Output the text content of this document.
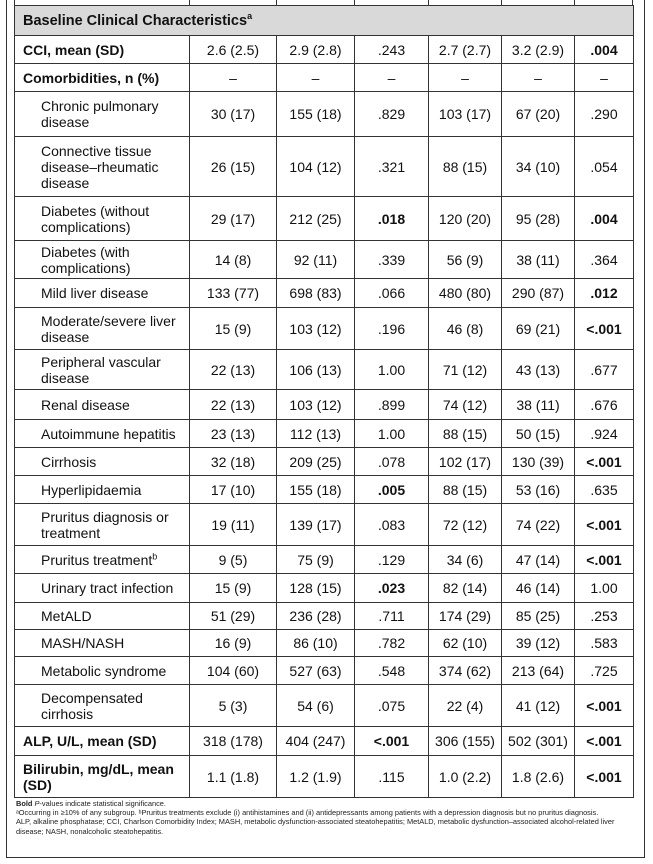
Baseline Clinical Characteristics$^a$
CCI, mean (SD)	2.6 (2.5)	2.9 (2.8)	.243	2.7 (2.7)	3.2 (2.9)	.004
Comorbidities, n (%)	–	–	–	–	–	–
Chronic pulmonary disease	30 (17)	155 (18)	.829	103 (17)	67 (20)	.290
Connective tissue disease–rheumatic disease	26 (15)	104 (12)	.321	88 (15)	34 (10)	.054
Diabetes (without complications)	29 (17)	212 (25)	.018	120 (20)	95 (28)	.004
Diabetes (with complications)	14 (8)	92 (11)	.339	56 (9)	38 (11)	.364
Mild liver disease	133 (77)	698 (83)	.066	480 (80)	290 (87)	.012
Moderate/severe liver disease	15 (9)	103 (12)	.196	46 (8)	69 (21)	<.001
Peripheral vascular disease	22 (13)	106 (13)	1.00	71 (12)	43 (13)	.677
Renal disease	22 (13)	103 (12)	.899	74 (12)	38 (11)	.676
Autoimmune hepatitis	23 (13)	112 (13)	1.00	88 (15)	50 (15)	.924
Cirrhosis	32 (18)	209 (25)	.078	102 (17)	130 (39)	<.001
Hyperlipidaemia	17 (10)	155 (18)	.005	88 (15)	53 (16)	.635
Pruritus diagnosis or treatment	19 (11)	139 (17)	.083	72 (12)	74 (22)	<.001
Pruritus treatment$^b$	9 (5)	75 (9)	.129	34 (6)	47 (14)	<.001
Urinary tract infection	15 (9)	128 (15)	.023	82 (14)	46 (14)	1.00
MetALD	51 (29)	236 (28)	.711	174 (29)	85 (25)	.253
MASH/NASH	16 (9)	86 (10)	.782	62 (10)	39 (12)	.583
Metabolic syndrome	104 (60)	527 (63)	.548	374 (62)	213 (64)	.725
Decompensated cirrhosis	5 (3)	54 (6)	.075	22 (4)	41 (12)	<.001
ALP, U/L, mean (SD)	318 (178)	404 (247)	<.001	306 (155)	502 (301)	<.001
Bilirubin, mg/dL, mean (SD)	1.1 (1.8)	1.2 (1.9)	.115	1.0 (2.2)	1.8 (2.6)	<.001
Bold P-values indicate statistical significance.
ᵃOccurring in ≥10% of any subgroup. ᵇPruritus treatments exclude (i) antihistamines and (ii) antidepressants among patients with a depression diagnosis but no pruritus diagnosis.
ALP, alkaline phosphatase; CCI, Charlson Comorbidity Index; MASH, metabolic dysfunction-associated steatohepatitis; MetALD, metabolic dysfunction–associated alcohol-related liver disease; NASH, nonalcoholic steatohepatitis.
